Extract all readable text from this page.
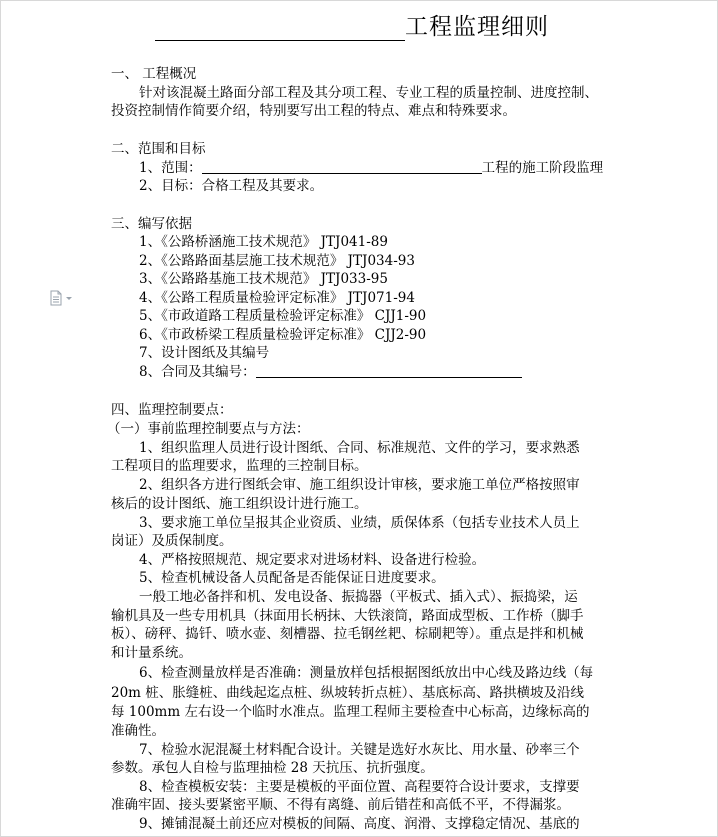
工程监理细则
一、 工程概况
针对该混凝土路面分部工程及其分项工程、专业工程的质量控制、进度控制、
投资控制情作简要介绍，特别要写出工程的特点、难点和特殊要求。
二、范围和目标
1、范围：	工程的施工阶段监理
2、目标：合格工程及其要求。
三、编写依据
1、《公路桥涵施工技术规范》 JTJ041-89
2、《公路路面基层施工技术规范》 JTJ034-93
3、《公路路基施工技术规范》 JTJ033-95
4、《公路工程质量检验评定标准》 JTJ071-94
5、《市政道路工程质量检验评定标准》 CJJ1-90
6、《市政桥梁工程质量检验评定标准》 CJJ2-90
7、设计图纸及其编号
8、合同及其编号：
四、监理控制要点：
（一）事前监理控制要点与方法：
1、组织监理人员进行设计图纸、合同、标准规范、文件的学习，要求熟悉
工程项目的监理要求，监理的三控制目标。
2、组织各方进行图纸会审、施工组织设计审核，要求施工单位严格按照审
核后的设计图纸、施工组织设计进行施工。
3、要求施工单位呈报其企业资质、业绩，质保体系（包括专业技术人员上
岗证）及质保制度。
4、严格按照规范、规定要求对进场材料、设备进行检验。
5、检查机械设备人员配备是否能保证日进度要求。
一般工地必备拌和机、发电设备、振捣器（平板式、插入式）、振捣梁，运
输机具及一些专用机具（抹面用长柄抹、大铁滚筒，路面成型板、工作桥（脚手
板）、磅秤、捣钎、喷水壶、刻槽器、拉毛钢丝耙、棕刷耙等）。重点是拌和机械
和计量系统。
6、检查测量放样是否准确：测量放样包括根据图纸放出中心线及路边线（每
20m 桩、胀缝桩、曲线起迄点桩、纵坡转折点桩）、基底标高、路拱横坡及沿线
每 100mm 左右设一个临时水准点。监理工程师主要检查中心标高，边缘标高的
准确性。
7、检验水泥混凝土材料配合设计。关键是选好水灰比、用水量、砂率三个
参数。承包人自检与监理抽检 28 天抗压、抗折强度。
8、检查模板安装：主要是模板的平面位置、高程要符合设计要求，支撑要
准确牢固、接头要紧密平顺、不得有离缝、前后错茬和高低不平，不得漏浆。
9、摊铺混凝土前还应对模板的间隔、高度、润滑、支撑稳定情况、基底的
